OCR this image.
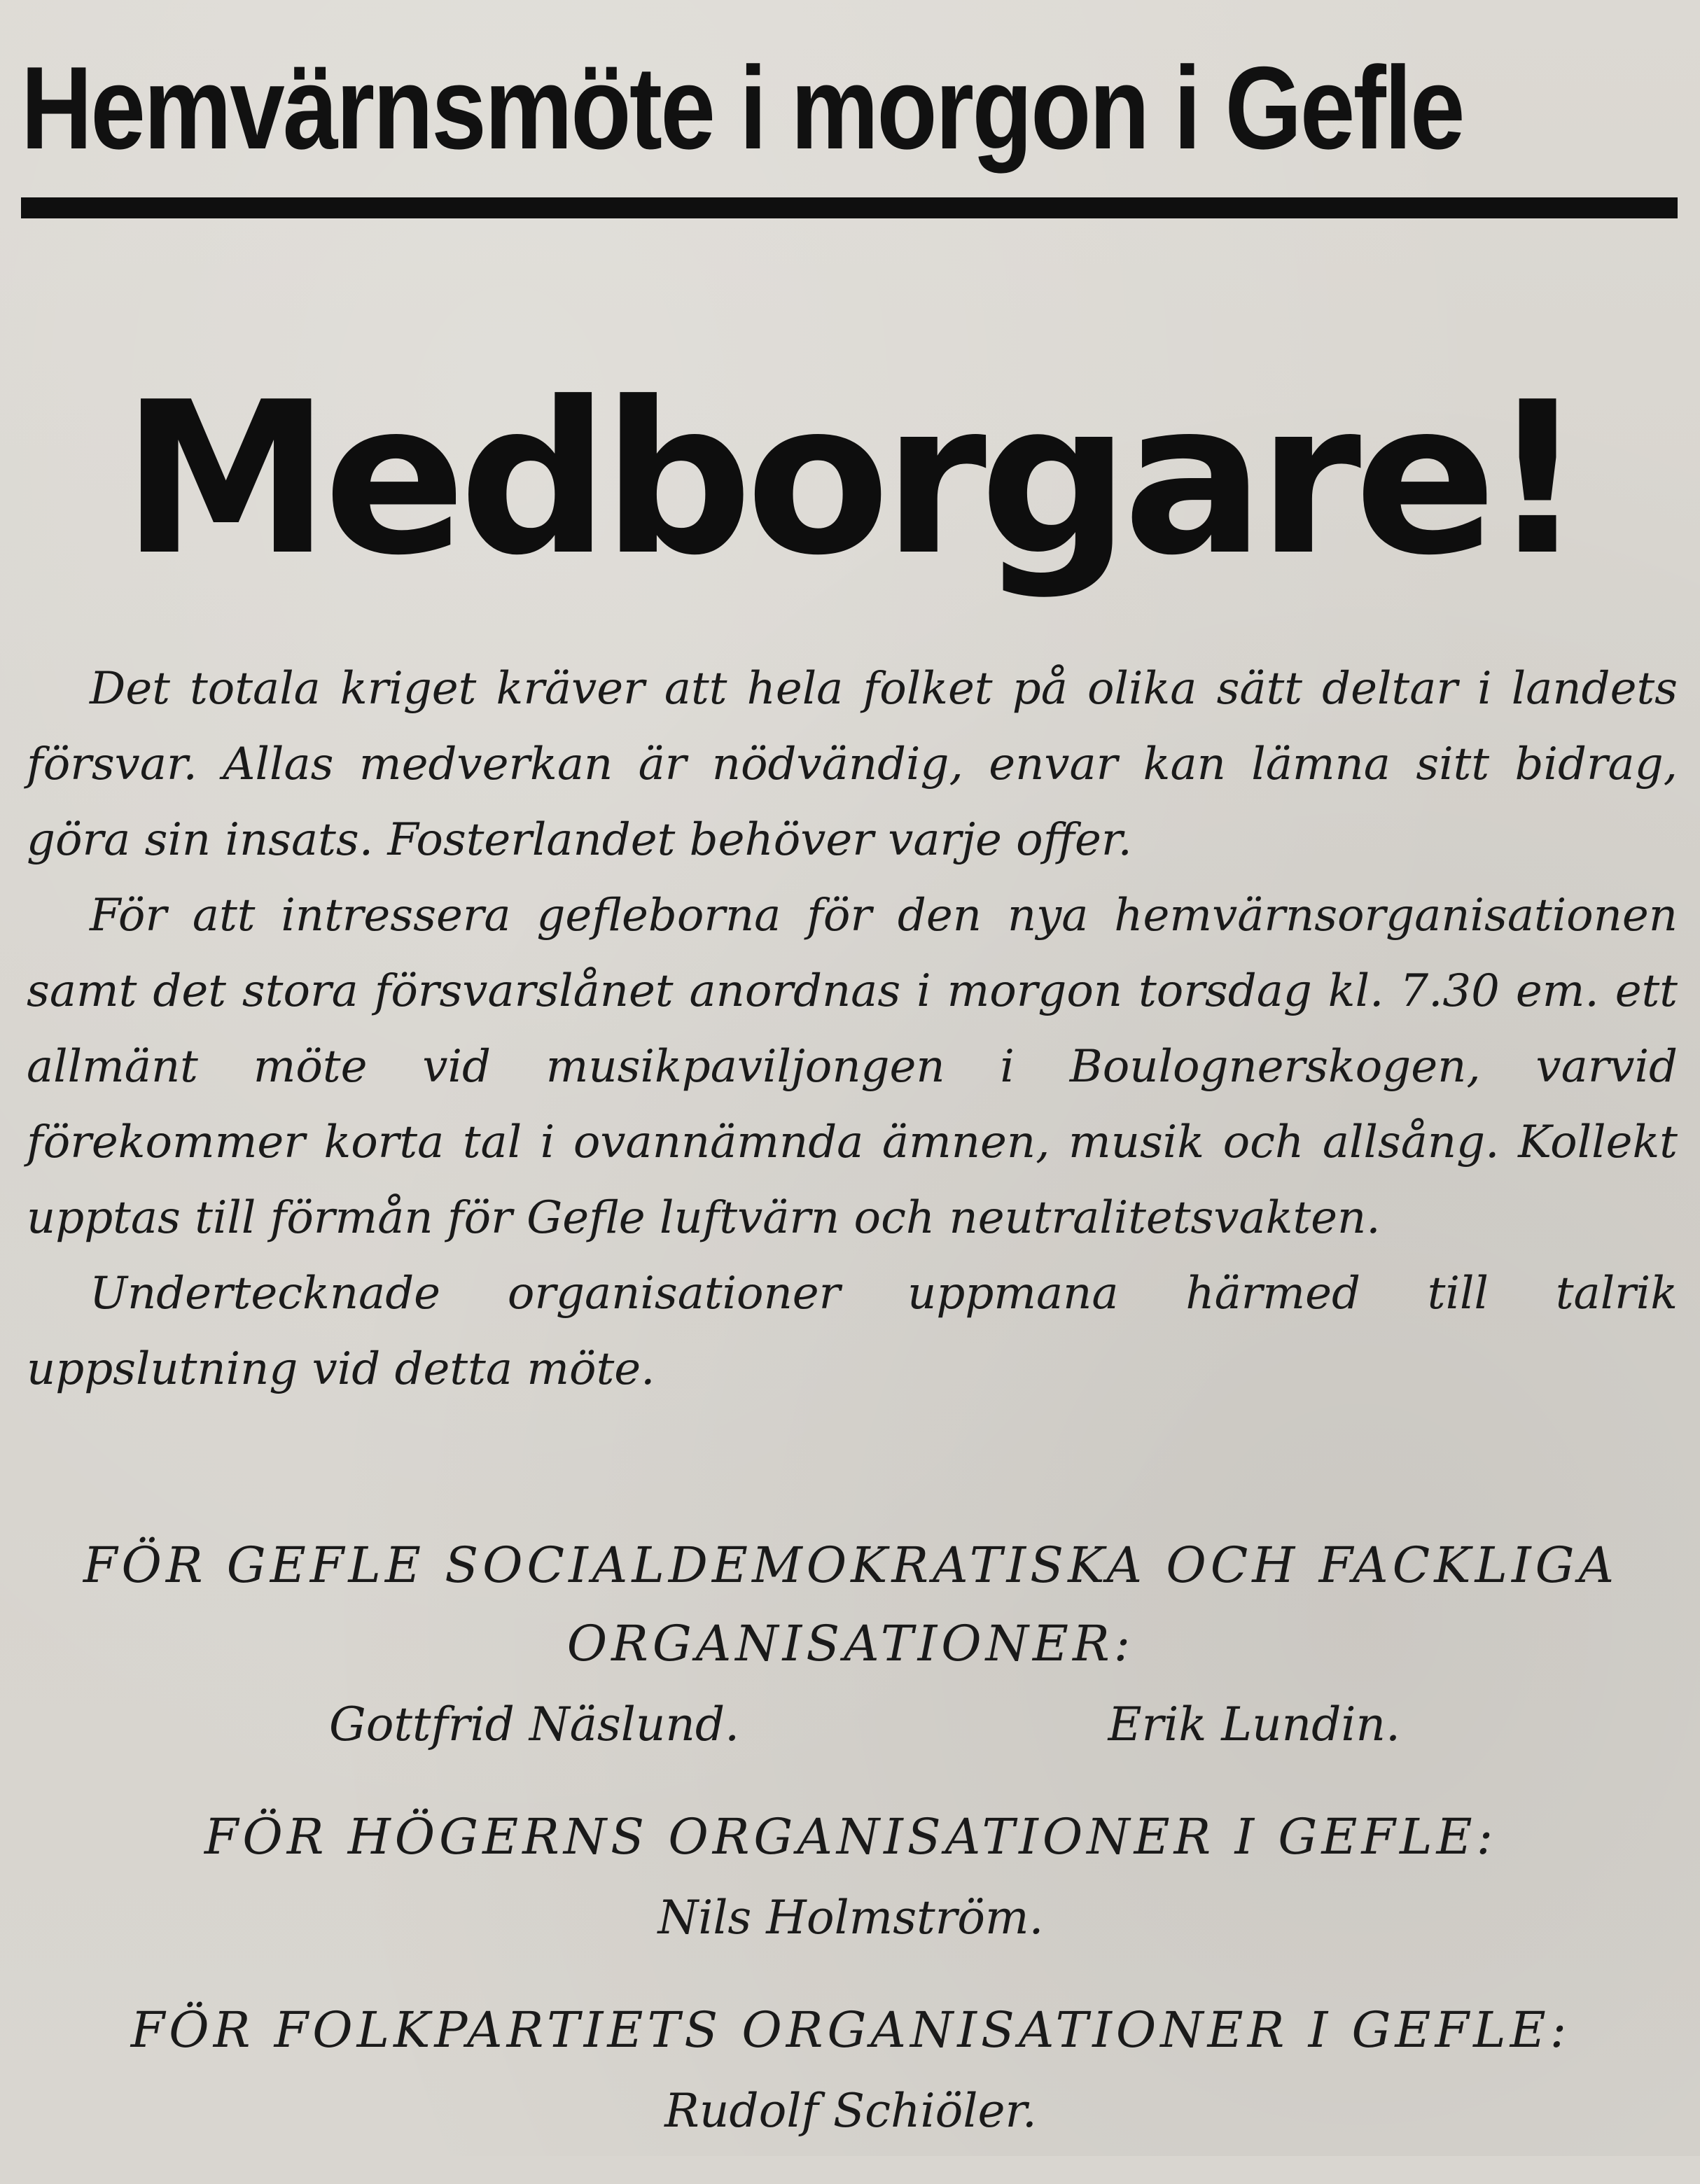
Hemvärnsmöte i morgon i Gefle
Medborgare!

Det totala kriget kräver att hela folket på olika sätt deltar i landets försvar. Allas medverkan är nödvändig, envar kan lämna sitt bidrag, göra sin insats. Fosterlandet behöver varje offer.

För att intressera gefleborna för den nya hemvärnsorganisationen samt det stora försvarslånet anordnas i morgon torsdag kl. 7.30 em. ett allmänt möte vid musikpaviljongen i Boulognerskogen, varvid förekommer korta tal i ovannämnda ämnen, musik och allsång. Kollekt upptas till förmån för Gefle luftvärn och neutralitetsvakten.

Undertecknade organisationer uppmana härmed till talrik uppslutning vid detta möte.

FÖR GEFLE SOCIALDEMOKRATISKA OCH FACKLIGA
ORGANISATIONER:
Gottfrid Näslund.	Erik Lundin.
FÖR HÖGERNS ORGANISATIONER I GEFLE:
Nils Holmström.
FÖR FOLKPARTIETS ORGANISATIONER I GEFLE:
Rudolf Schiöler.
